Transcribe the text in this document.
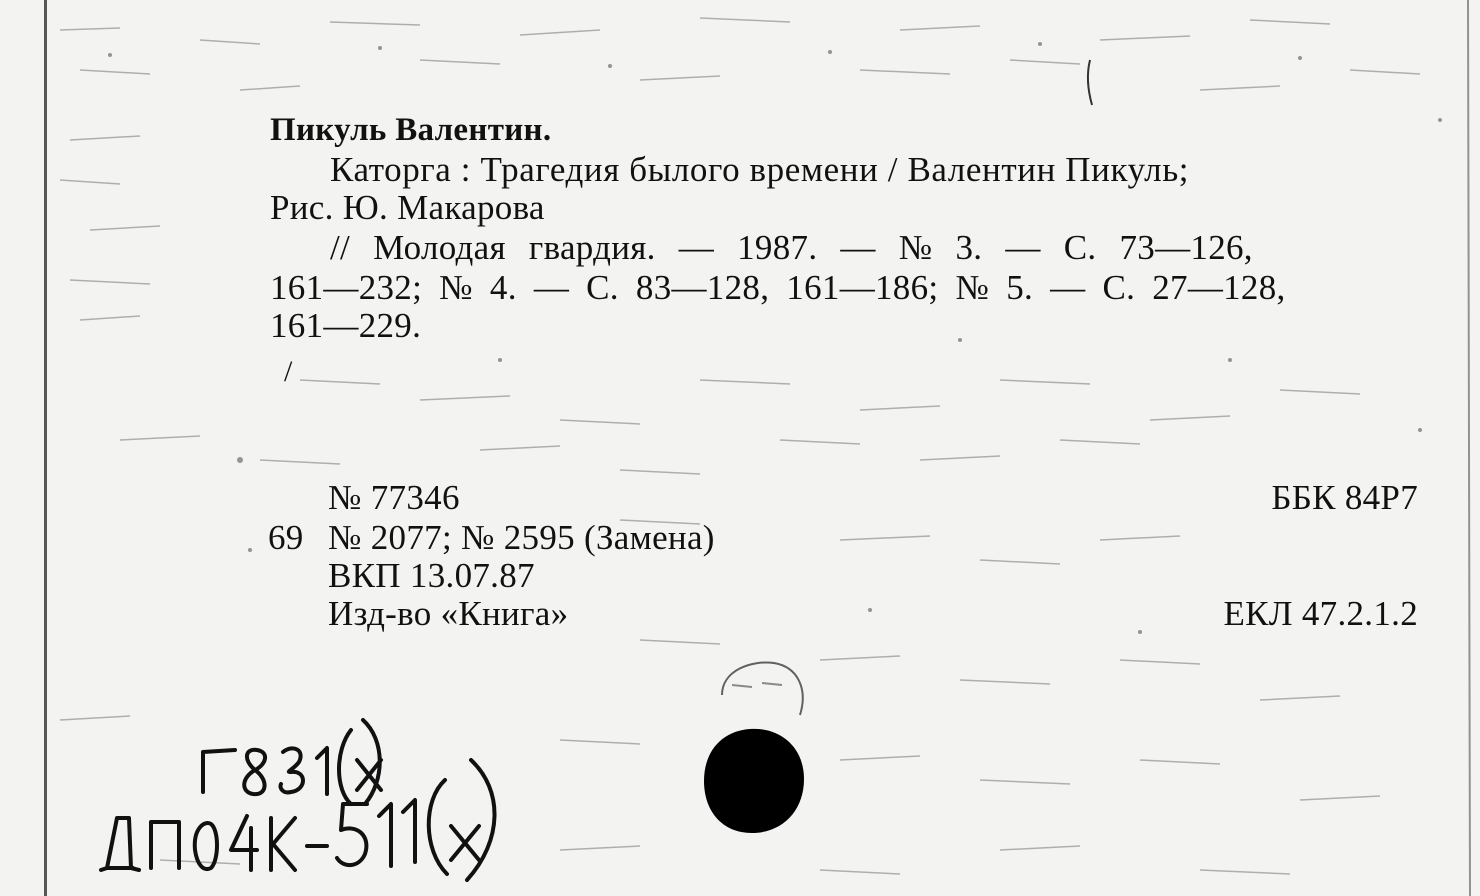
Пикуль Валентин.
Каторга : Трагедия былого времени / Валентин Пикуль;
Рис. Ю. Макарова
// Молодая гвардия. — 1987. — № 3. — С. 73—126,
161—232; № 4. — С. 83—128, 161—186; № 5. — С. 27—128,
161—229.
/
№ 77346	ББК 84Р7
69 № 2077; № 2595 (Замена)
ВКП 13.07.87
Изд-во «Книга»	ЕКЛ 47.2.1.2
